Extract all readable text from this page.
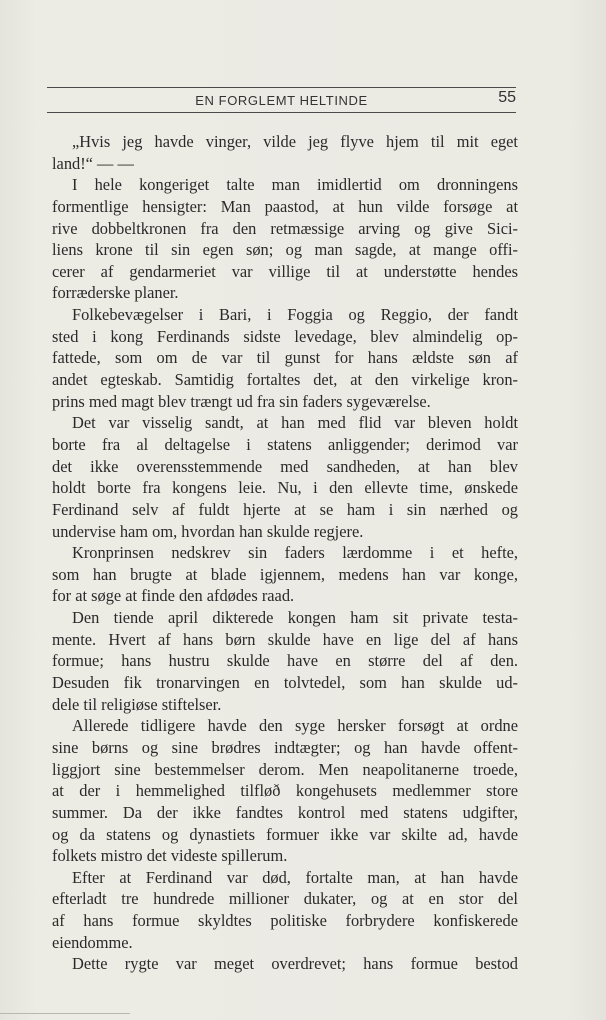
EN FORGLEMT HELTINDE	55
„Hvis jeg havde vinger, vilde jeg flyve hjem til mit eget
land!“ — —
I hele kongeriget talte man imidlertid om dronningens
formentlige hensigter: Man paastod, at hun vilde forsøge at
rive dobbeltkronen fra den retmæssige arving og give Sici-
liens krone til sin egen søn; og man sagde, at mange offi-
cerer af gendarmeriet var villige til at understøtte hendes
forræderske planer.
Folkebevægelser i Bari, i Foggia og Reggio, der fandt
sted i kong Ferdinands sidste levedage, blev almindelig op-
fattede, som om de var til gunst for hans ældste søn af
andet egteskab. Samtidig fortaltes det, at den virkelige kron-
prins med magt blev trængt ud fra sin faders sygeværelse.
Det var visselig sandt, at han med flid var bleven holdt
borte fra al deltagelse i statens anliggender; derimod var
det ikke overensstemmende med sandheden, at han blev
holdt borte fra kongens leie. Nu, i den ellevte time, ønskede
Ferdinand selv af fuldt hjerte at se ham i sin nærhed og
undervise ham om, hvordan han skulde regjere.
Kronprinsen nedskrev sin faders lærdomme i et hefte,
som han brugte at blade igjennem, medens han var konge,
for at søge at finde den afdødes raad.
Den tiende april dikterede kongen ham sit private testa-
mente. Hvert af hans børn skulde have en lige del af hans
formue; hans hustru skulde have en større del af den.
Desuden fik tronarvingen en tolvtedel, som han skulde ud-
dele til religiøse stiftelser.
Allerede tidligere havde den syge hersker forsøgt at ordne
sine børns og sine brødres indtægter; og han havde offent-
liggjort sine bestemmelser derom. Men neapolitanerne troede,
at der i hemmelighed tilfløð kongehusets medlemmer store
summer. Da der ikke fandtes kontrol med statens udgifter,
og da statens og dynastiets formuer ikke var skilte ad, havde
folkets mistro det videste spillerum.
Efter at Ferdinand var død, fortalte man, at han havde
efterladt tre hundrede millioner dukater, og at en stor del
af hans formue skyldtes politiske forbrydere konfiskerede
eiendomme.
Dette rygte var meget overdrevet; hans formue bestod
